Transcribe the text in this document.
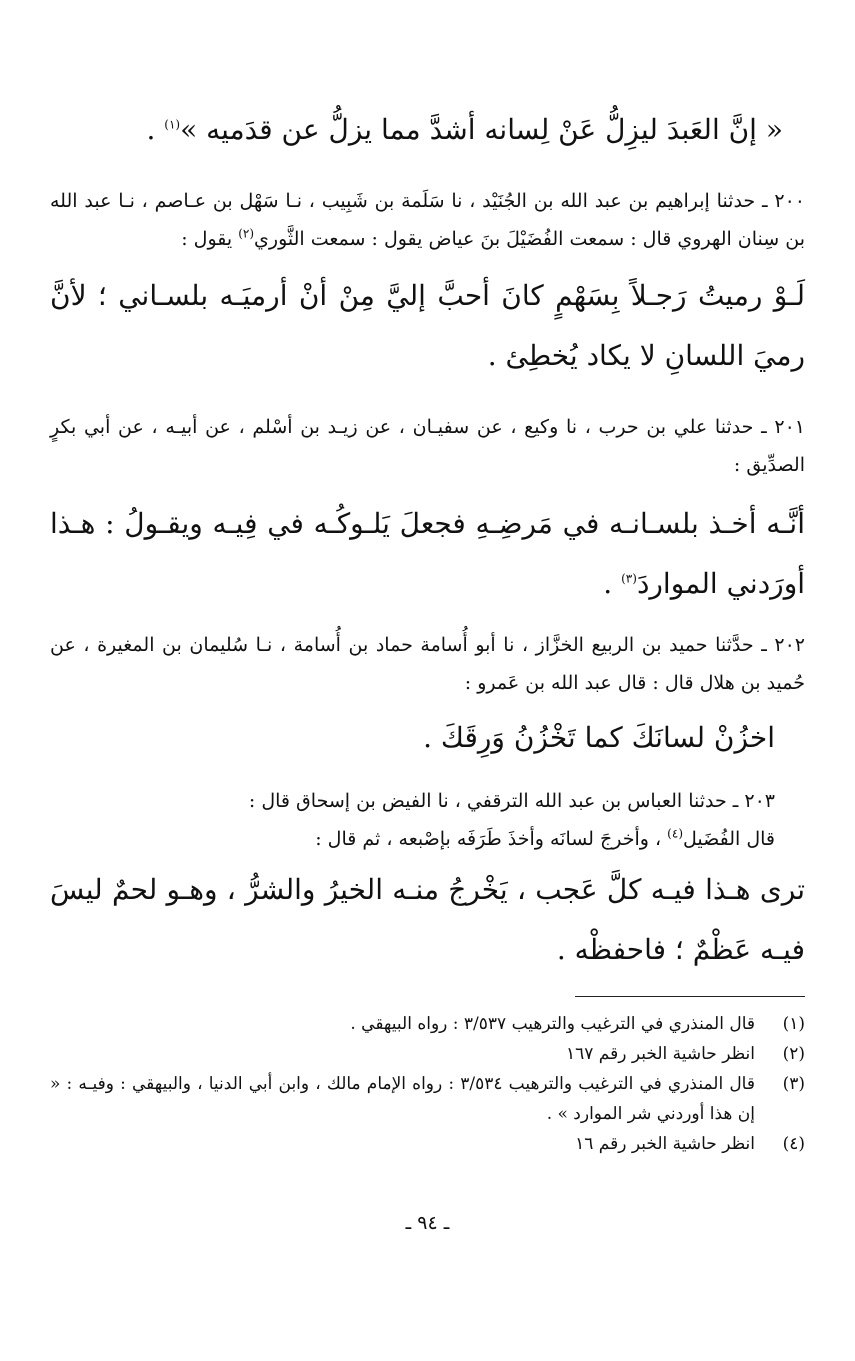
« إنَّ العَبدَ ليزِلُّ عَنْ لِسانه أشدَّ مما يزلُّ عن قدَميه »$^{(١)}$ .

٢٠٠ ـ حدثنا إبراهيم بن عبد الله بن الجُنَيْد ، نا سَلَمة بن شَبِيب ، نـا سَهْل بن عـاصم ، نـا عبد الله بن سِنان الهروي قال : سمعت الفُضَيْلَ بنَ عياض يقول : سمعت الثَّوري$^{(٢)}$ يقول :

لَـوْ رميتُ رَجـلاً بِسَهْمٍ كانَ أحبَّ إليَّ مِنْ أنْ أرميَـه بلسـاني ؛ لأنَّ رميَ اللسانِ لا يكاد يُخطِئ .

٢٠١ ـ حدثنا علي بن حرب ، نا وكيع ، عن سفيـان ، عن زيـد بن أسْلم ، عن أبيـه ، عن أبي بكرٍ الصدِّيق :

أنَّـه أخـذ بلسـانـه في مَرضِـهِ فجعلَ يَلـوكُـه في فِيـه ويقـولُ : هـذا أورَدني المواردَ$^{(٣)}$ .

٢٠٢ ـ حدَّثنا حميد بن الربيع الخزَّاز ، نا أبو أُسامة حماد بن أُسامة ، نـا سُليمان بن المغيرة ، عن حُميد بن هلال قال : قال عبد الله بن عَمرو :

اخزُنْ لسانَكَ كما تَخْزُنُ وَرِقَكَ .

٢٠٣ ـ حدثنا العباس بن عبد الله الترقفي ، نا الفيض بن إسحاق قال :
قال الفُضَيل$^{(٤)}$ ، وأخرجَ لسانَه وأخذَ طَرَفَه بإصْبعه ، ثم قال :

ترى هـذا فيـه كلَّ عَجب ، يَخْرجُ منـه الخيرُ والشرُّ ، وهـو لحمٌ ليسَ فيـه عَظْمٌ ؛ فاحفظْه .

(١)
قال المنذري في الترغيب والترهيب ٣/٥٣٧ : رواه البيهقي .
(٢)
انظر حاشية الخبر رقم ١٦٧
(٣)
قال المنذري في الترغيب والترهيب ٣/٥٣٤ : رواه الإمام مالك ، وابن أبي الدنيا ، والبيهقي : وفيـه : « إن هذا أوردني شر الموارد » .
(٤)
انظر حاشية الخبر رقم ١٦
ـ ٩٤ ـ
